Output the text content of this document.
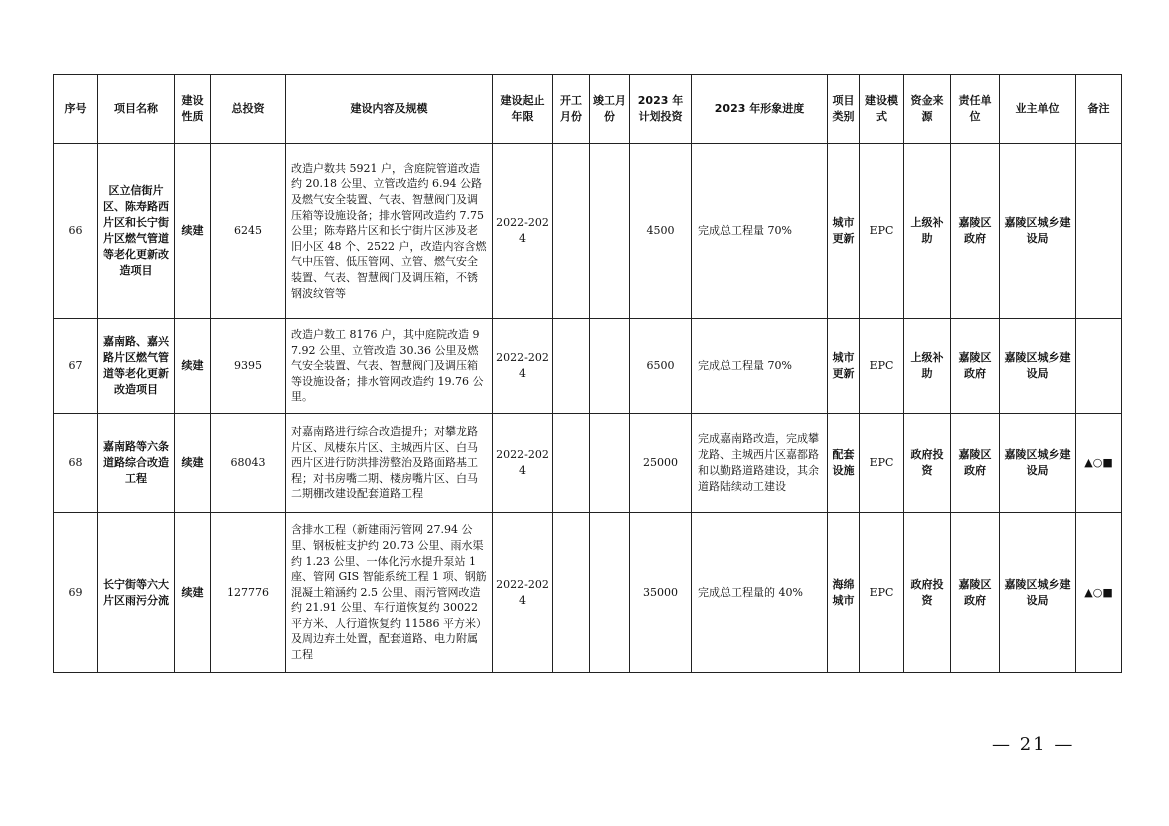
序号	项目名称	建设性质	总投资	建设内容及规模	建设起止年限	开工月份	竣工月份	2023 年计划投资	2023 年形象进度	项目类别	建设模式	资金来源	责任单位	业主单位	备注
66	区立信街片区、陈寿路西片区和长宁街片区燃气管道等老化更新改造项目	续建	6245	改造户数共 5921 户，含庭院管道改造约 20.18 公里、立管改造约 6.94 公路及燃气安全装置、气表、智慧阀门及调压箱等设施设备；排水管网改造约 7.75 公里；陈寿路片区和长宁街片区涉及老旧小区 48 个、2522 户，改造内容含燃气中压管、低压管网、立管、燃气安全装置、气表、智慧阀门及调压箱，不锈钢波纹管等	2022-2024			4500	完成总工程量 70%	城市更新	EPC	上级补助	嘉陵区政府	嘉陵区城乡建设局	
67	嘉南路、嘉兴路片区燃气管道等老化更新改造项目	续建	9395	改造户数工 8176 户，其中庭院改造 97.92 公里、立管改造 30.36 公里及燃气安全装置、气表、智慧阀门及调压箱等设施设备；排水管网改造约 19.76 公里。	2022-2024			6500	完成总工程量 70%	城市更新	EPC	上级补助	嘉陵区政府	嘉陵区城乡建设局	
68	嘉南路等六条道路综合改造工程	续建	68043	对嘉南路进行综合改造提升；对攀龙路片区、凤棲东片区、主城西片区、白马西片区进行防洪排涝整治及路面路基工程；对书房嘴二期、楼房嘴片区、白马二期棚改建设配套道路工程	2022-2024			25000	完成嘉南路改造，完成攀龙路、主城西片区嘉都路和以勤路道路建设，其余道路陆续动工建设	配套设施	EPC	政府投资	嘉陵区政府	嘉陵区城乡建设局	▲○■
69	长宁街等六大片区雨污分流	续建	127776	含排水工程（新建雨污管网 27.94 公里、钢板桩支护约 20.73 公里、雨水渠约 1.23 公里、一体化污水提升泵站 1 座、管网 GIS 智能系统工程 1 项、钢筋混凝土箱涵约 2.5 公里、雨污管网改造约 21.91 公里、车行道恢复约 30022 平方米、人行道恢复约 11586 平方米）及周边弃土处置，配套道路、电力附属工程	2022-2024			35000	完成总工程量的 40%	海绵城市	EPC	政府投资	嘉陵区政府	嘉陵区城乡建设局	▲○■
— 21 —
